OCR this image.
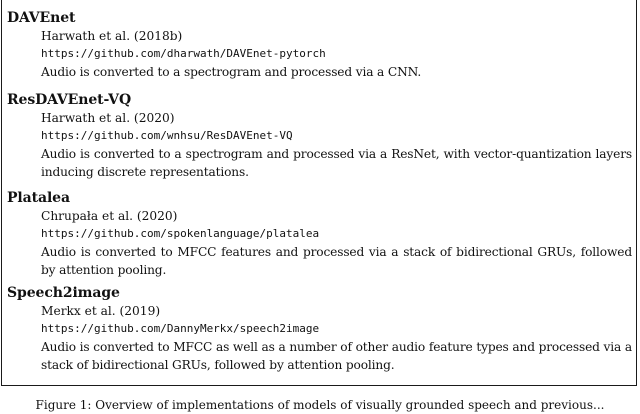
DAVEnet
Harwath et al. (2018b)
https://github.com/dharwath/DAVEnet-pytorch
Audio is converted to a spectrogram and processed via a CNN.
ResDAVEnet-VQ
Harwath et al. (2020)
https://github.com/wnhsu/ResDAVEnet-VQ
Audio is converted to a spectrogram and processed via a ResNet, with vector-quantization layers inducing discrete representations.
Platalea
Chrupała et al. (2020)
https://github.com/spokenlanguage/platalea
Audio is converted to MFCC features and processed via a stack of bidirectional GRUs, followed by attention pooling.
Speech2image
Merkx et al. (2019)
https://github.com/DannyMerkx/speech2image
Audio is converted to MFCC as well as a number of other audio feature types and processed via a stack of bidirectional GRUs, followed by attention pooling.
Figure 1: Overview of implementations of models of visually grounded speech and previous...
